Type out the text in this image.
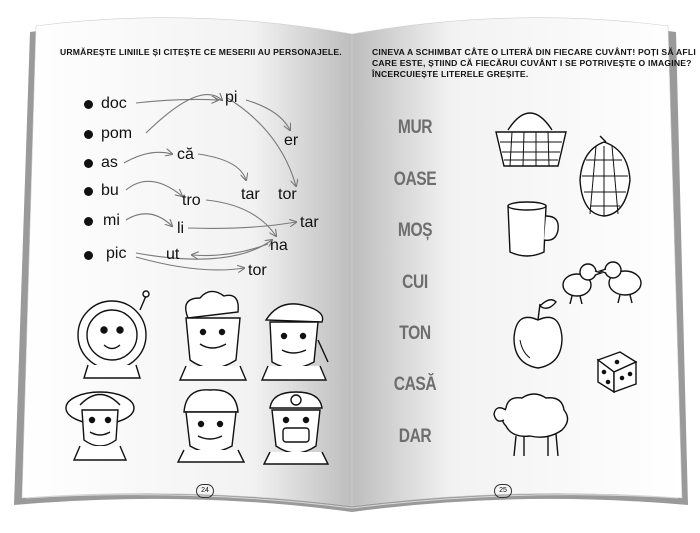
URMĂREȘTE LINIILE ȘI CITEȘTE CE MESERII AU PERSONAJELE.
doc
pom
as
bu
mi
pic
pi
er
că
tro	tar tor
li	tar
na
ut
tor
24
CINEVA A SCHIMBAT CÂTE O LITERĂ DIN FIECARE CUVÂNT! POȚI SĂ AFLI
CARE ESTE, ȘTIIND CĂ FIECĂRUI CUVÂNT I SE POTRIVEȘTE O IMAGINE?
ÎNCERCUIEȘTE LITERELE GREȘITE.
MUR
OASE
MOȘ
CUI
TON
CASĂ
DAR
25
